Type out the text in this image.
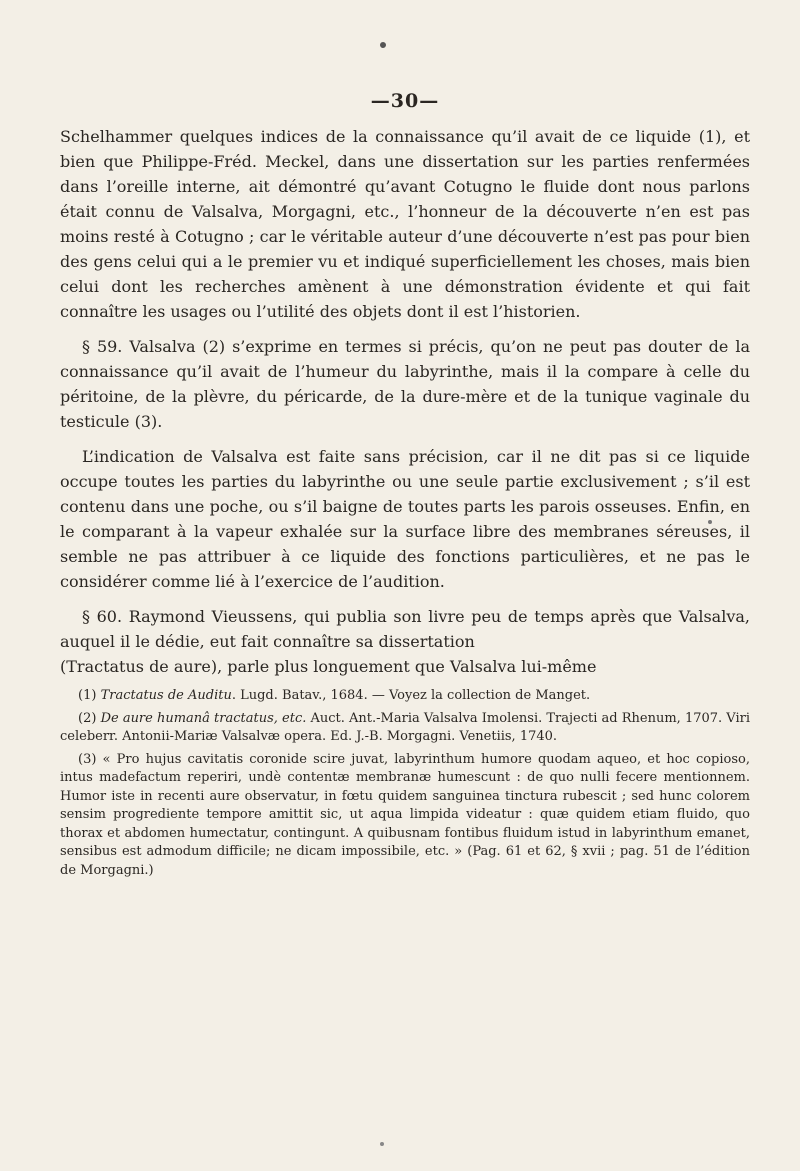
—30—

Schelhammer quelques indices de la connaissance qu’il avait de ce liquide (1), et bien que Philippe-Fréd. Meckel, dans une dissertation sur les parties renfermées dans l’oreille interne, ait démontré qu’avant Cotugno le fluide dont nous parlons était connu de Valsalva, Morgagni, etc., l’honneur de la découverte n’en est pas moins resté à Cotugno ; car le véritable auteur d’une découverte n’est pas pour bien des gens celui qui a le premier vu et indiqué superficiellement les choses, mais bien celui dont les recherches amènent à une démonstration évidente et qui fait connaître les usages ou l’utilité des objets dont il est l’historien.

§ 59. Valsalva (2) s’exprime en termes si précis, qu’on ne peut pas douter de la connaissance qu’il avait de l’humeur du labyrinthe, mais il la compare à celle du péritoine, de la plèvre, du péricarde, de la dure-mère et de la tunique vaginale du testicule (3).

L’indication de Valsalva est faite sans précision, car il ne dit pas si ce liquide occupe toutes les parties du labyrinthe ou une seule partie exclusivement ; s’il est contenu dans une poche, ou s’il baigne de toutes parts les parois osseuses. Enfin, en le comparant à la vapeur exhalée sur la surface libre des membranes séreuses, il semble ne pas attribuer à ce liquide des fonctions particulières, et ne pas le considérer comme lié à l’exercice de l’audition.

§ 60. Raymond Vieussens, qui publia son livre peu de temps après que Valsalva, auquel il le dédie, eut fait connaître sa dissertation

(Tractatus de aure), parle plus longuement que Valsalva lui-même

(1) Tractatus de Auditu. Lugd. Batav., 1684. — Voyez la collection de Manget.

(2) De aure humanâ tractatus, etc. Auct. Ant.-Maria Valsalva Imolensi. Trajecti ad Rhenum, 1707. Viri celeberr. Antonii-Mariæ Valsalvæ opera. Ed. J.-B. Morgagni. Venetiis, 1740.

(3) « Pro hujus cavitatis coronide scire juvat, labyrinthum humore quodam aqueo, et hoc copioso, intus madefactum reperiri, undè contentæ membranæ humescunt : de quo nulli fecere mentionnem. Humor iste in recenti aure observatur, in fœtu quidem sanguinea tinctura rubescit ; sed hunc colorem sensim progrediente tempore amittit sic, ut aqua limpida videatur : quæ quidem etiam fluido, quo thorax et abdomen humectatur, contingunt. A quibusnam fontibus fluidum istud in labyrinthum emanet, sensibus est admodum difficile; ne dicam impossibile, etc. » (Pag. 61 et 62, § xvii ; pag. 51 de l’édition de Morgagni.)
